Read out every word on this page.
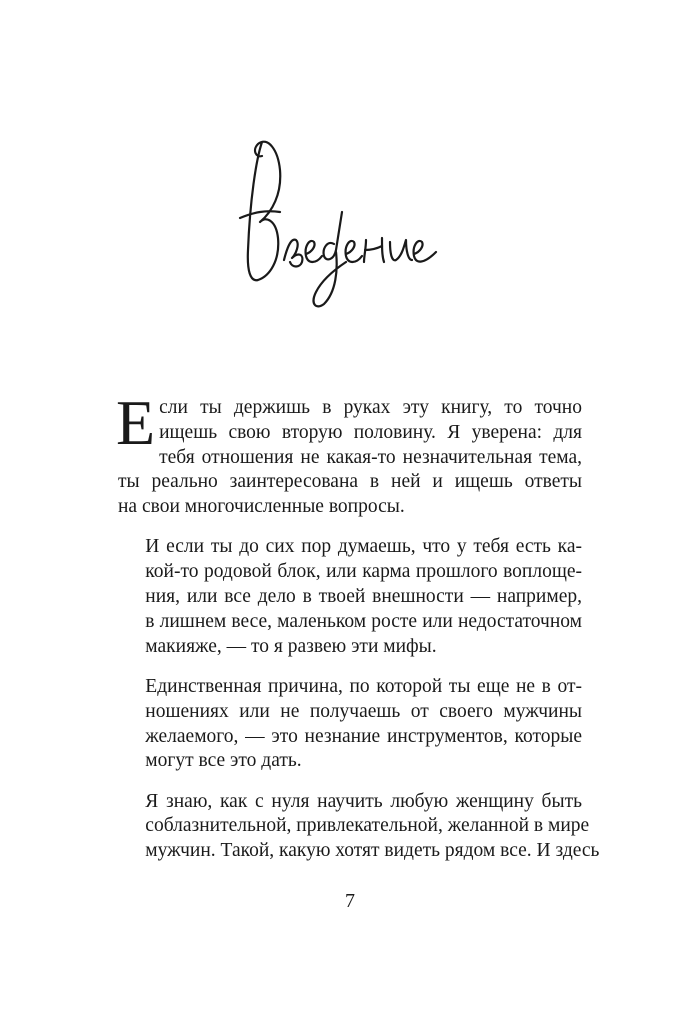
Е сли ты держишь в руках эту книгу, то точно
ищешь свою вторую половину. Я уверена: для
тебя отношения не какая-то незначительная тема,
ты реально заинтересована в ней и ищешь ответы
на свои многочисленные вопросы.

И если ты до сих пор думаешь, что у тебя есть ка-
кой-то родовой блок, или карма прошлого воплоще-
ния, или все дело в твоей внешности — например,
в лишнем весе, маленьком росте или недостаточном
макияже, — то я развею эти мифы.

Единственная причина, по которой ты еще не в от-
ношениях или не получаешь от своего мужчины
желаемого, — это незнание инструментов, которые
могут все это дать.

Я знаю, как с нуля научить любую женщину быть
соблазнительной, привлекательной, желанной в мире
мужчин. Такой, какую хотят видеть рядом все. И здесь

7
